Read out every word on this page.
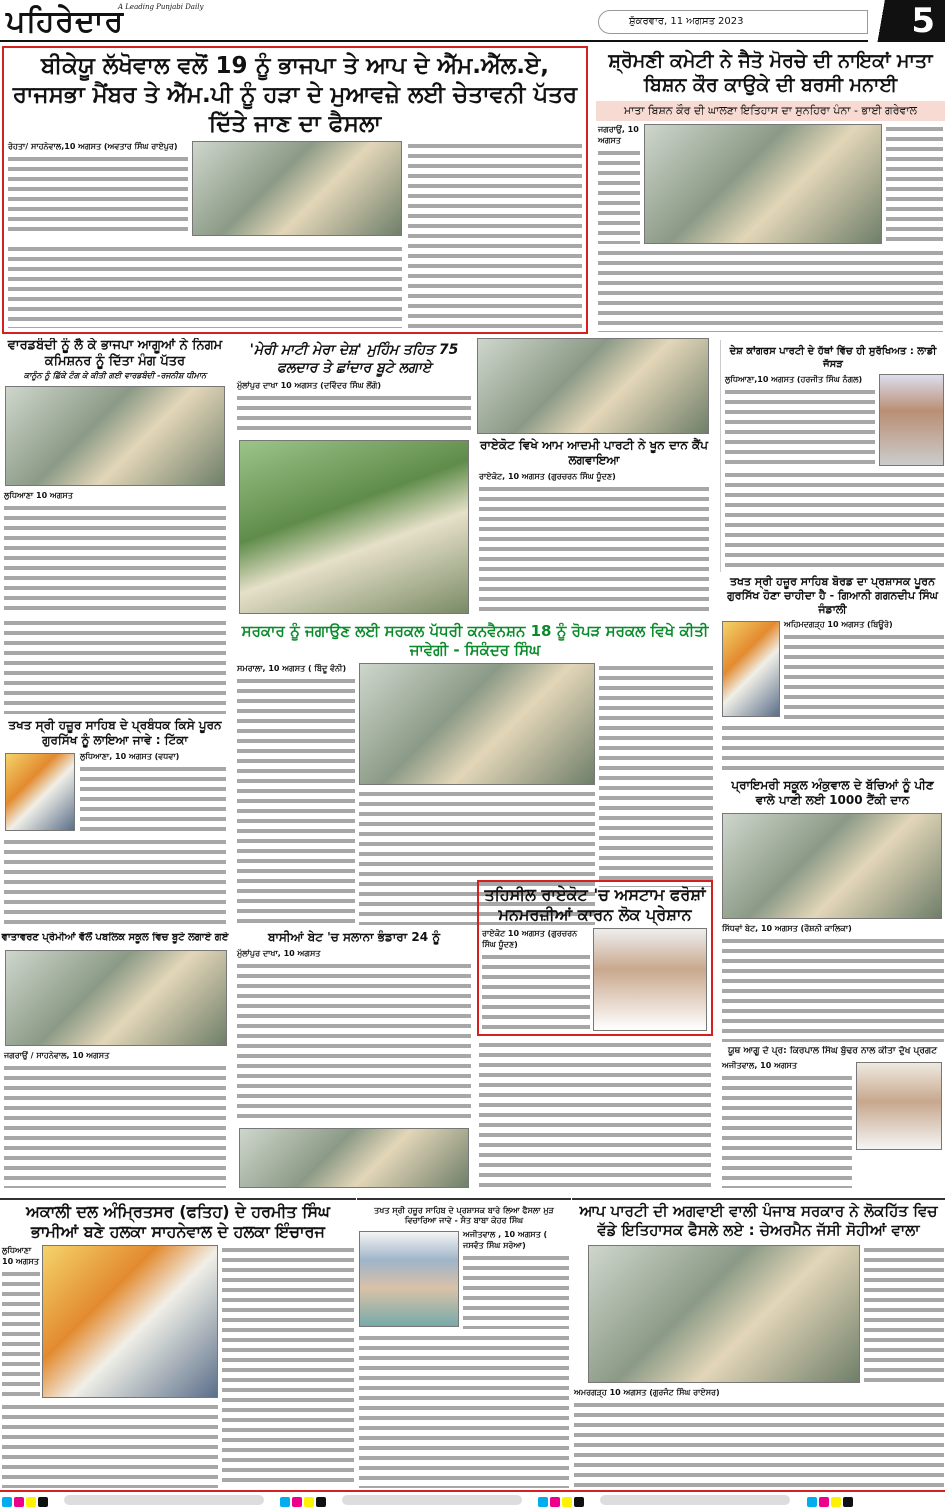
ਪਹਿਰੇਦਾਰ
A Leading Punjabi Daily
ਸ਼ੁੱਕਰਵਾਰ, 11 ਅਗਸਤ 2023	5
ਬੀਕੇਯੂ ਲੱਖੋਵਾਲ ਵਲੋਂ 19 ਨੂੰ ਭਾਜਪਾ ਤੇ ਆਪ ਦੇ ਐੱਮ.ਐੱਲ.ਏ, ਰਾਜਸਭਾ ਮੈਂਬਰ ਤੇ ਐੱਮ.ਪੀ ਨੂੰ ਹੜਾ ਦੇ ਮੁਆਵਜ਼ੇ ਲਈ ਚੇਤਾਵਨੀ ਪੱਤਰ ਦਿੱਤੇ ਜਾਣ ਦਾ ਫੈਸਲਾ
ਰੋਹਤਾ/ ਸਾਹਨੇਵਾਲ,10 ਅਗਸਤ (ਅਵਤਾਰ ਸਿੰਘ ਰਾਏਪੁਰ)
ਸ਼੍ਰੋਮਣੀ ਕਮੇਟੀ ਨੇ ਜੈਤੋ ਮੋਰਚੇ ਦੀ ਨਾਇਕਾਂ ਮਾਤਾ ਬਿਸ਼ਨ ਕੌਰ ਕਾਉਕੇ ਦੀ ਬਰਸੀ ਮਨਾਈ
ਮਾਤਾ ਬਿਸ਼ਨ ਕੌਰ ਦੀ ਘਾਲਣਾ ਇਤਿਹਾਸ ਦਾ ਸੁਨਹਿਰਾ ਪੰਨਾ - ਭਾਈ ਗਰੇਵਾਲ
ਜਗਰਾਉਂ, 10 ਅਗਸਤ
ਵਾਰਡਬੰਦੀ ਨੂੰ ਲੈ ਕੇ ਭਾਜਪਾ ਆਗੂਆਂ ਨੇ ਨਿਗਮ ਕਮਿਸ਼ਨਰ ਨੂੰ ਦਿੱਤਾ ਮੰਗ ਪੱਤਰ
ਕਾਨੂੰਨ ਨੂੰ ਛਿੱਕੇ ਟੰਗ ਕੇ ਕੀਤੀ ਗਈ ਵਾਰਡਬੰਦੀ -ਰਜਨੀਸ਼ ਧੀਮਾਨ
ਲੁਧਿਆਣਾ 10 ਅਗਸਤ
'ਮੇਰੀ ਮਾਟੀ ਮੇਰਾ ਦੇਸ਼' ਮੁਹਿੰਮ ਤਹਿਤ 75 ਫਲਦਾਰ ਤੇ ਛਾਂਦਾਰ ਬੂਟੇ ਲਗਾਏ
ਮੁੱਲਾਂਪੁਰ ਦਾਖਾ 10 ਅਗਸਤ (ਦਵਿੰਦਰ ਸਿੰਘ ਲੌਂਗੋ)
ਰਾਏਕੋਟ ਵਿਖੇ ਆਮ ਆਦਮੀ ਪਾਰਟੀ ਨੇ ਖੂਨ ਦਾਨ ਕੈਂਪ ਲਗਵਾਇਆ
ਰਾਏਕੋਟ, 10 ਅਗਸਤ (ਗੁਰਚਰਨ ਸਿੰਘ ਧੂੰਦਣ)
ਦੇਸ਼ ਕਾਂਗਰਸ ਪਾਰਟੀ ਦੇ ਹੱਥਾਂ ਵਿੱਚ ਹੀ ਸੁਰੱਖਿਅਤ : ਲਾਡੀ ਜੱਸੜ
ਲੁਧਿਆਣਾ,10 ਅਗਸਤ (ਹਰਜੀਤ ਸਿੰਘ ਨੰਗਲ)
ਤਖਤ ਸ੍ਰੀ ਹਜ਼ੂਰ ਸਾਹਿਬ ਬੋਰਡ ਦਾ ਪ੍ਰਸ਼ਾਸਕ ਪੂਰਨ ਗੁਰਸਿੱਖ ਹੋਣਾ ਚਾਹੀਦਾ ਹੈ - ਗਿਆਨੀ ਗਗਨਦੀਪ ਸਿੰਘ ਜੰਡਾਲੀ
ਅਹਿਮਦਗੜ੍ਹ 10 ਅਗਸਤ (ਬਿਊਰੋ)
ਸਰਕਾਰ ਨੂੰ ਜਗਾਉਣ ਲਈ ਸਰਕਲ ਪੱਧਰੀ ਕਨਵੈਨਸ਼ਨ 18 ਨੂੰ ਰੋਪੜ ਸਰਕਲ ਵਿਖੇ ਕੀਤੀ ਜਾਵੇਗੀ - ਸਿਕੰਦਰ ਸਿੰਘ
ਸਮਰਾਲਾ, 10 ਅਗਸਤ ( ਬਿੰਦੂ ਵੰਨੀ)
ਤਖਤ ਸ੍ਰੀ ਹਜ਼ੂਰ ਸਾਹਿਬ ਦੇ ਪ੍ਰਬੰਧਕ ਕਿਸੇ ਪੂਰਨ ਗੁਰਸਿੱਖ ਨੂੰ ਲਾਇਆ ਜਾਵੇ : ਟਿੱਕਾ
ਲੁਧਿਆਣਾ, 10 ਅਗਸਤ (ਵਧਵਾ)
ਵਾਤਾਵਰਣ ਪ੍ਰੇਮੀਆਂ ਵੱਲੋਂ ਪਬਲਿਕ ਸਕੂਲ ਵਿਚ ਬੂਟੇ ਲਗਾਏ ਗਏ
ਜਗਰਾਉਂ / ਸਾਹਨੇਵਾਲ, 10 ਅਗਸਤ
ਬਾਸੀਆਂ ਬੇਟ 'ਚ ਸਲਾਨਾ ਭੰਡਾਰਾ 24 ਨੂੰ
ਮੁੱਲਾਂਪੁਰ ਦਾਖਾ, 10 ਅਗਸਤ
ਤਹਿਸੀਲ ਰਾਏਕੋਟ 'ਚ ਅਸਟਾਮ ਫਰੋਸ਼ਾਂ ਮਨਮਰਜ਼ੀਆਂ ਕਾਰਨ ਲੋਕ ਪ੍ਰੇਸ਼ਾਨ
ਰਾਏਕੋਟ 10 ਅਗਸਤ (ਗੁਰਚਰਨ ਸਿੰਘ ਧੂੰਦਣ)
ਪ੍ਰਾਇਮਰੀ ਸਕੂਲ ਅੰਕੁਵਾਲ ਦੇ ਬੱਚਿਆਂ ਨੂੰ ਪੀਣ ਵਾਲੇ ਪਾਣੀ ਲਈ 1000 ਟੈਂਕੀ ਦਾਨ
ਸਿੱਧਵਾਂ ਬੇਟ, 10 ਅਗਸਤ (ਰੌਸ਼ਨੀ ਕਾਲਿਕਾ)
ਯੂਥ ਆਗੂ ਦੇ ਪ੍ਰ: ਕਿਰਪਾਲ ਸਿੰਘ ਬੁੱਢਰ ਨਾਲ ਕੀਤਾ ਦੁੱਖ ਪ੍ਰਗਟ
ਅਜੀਤਵਾਲ, 10 ਅਗਸਤ
ਅਕਾਲੀ ਦਲ ਅੰਮ੍ਰਿਤਸਰ (ਫਤਿਹ) ਦੇ ਹਰਮੀਤ ਸਿੰਘ ਭਾਮੀਆਂ ਬਣੇ ਹਲਕਾ ਸਾਹਨੇਵਾਲ ਦੇ ਹਲਕਾ ਇੰਚਾਰਜ
ਲੁਧਿਆਣਾ 10 ਅਗਸਤ
ਤਖਤ ਸ੍ਰੀ ਹਜ਼ੂਰ ਸਾਹਿਬ ਦੇ ਪ੍ਰਸ਼ਾਸਕ ਬਾਰੇ ਲਿਆ ਫੈਸਲਾ ਮੁੜ ਵਿਚਾਰਿਆ ਜਾਵੇ - ਸੰਤ ਬਾਬਾ ਕੇਹਰ ਸਿੰਘ
ਅਜੀਤਵਾਲ , 10 ਅਗਸਤ ( ਜਸਵੰਤ ਸਿੰਘ ਸਰੋਆ)
ਆਪ ਪਾਰਟੀ ਦੀ ਅਗਵਾਈ ਵਾਲੀ ਪੰਜਾਬ ਸਰਕਾਰ ਨੇ ਲੋਕਹਿੱਤ ਵਿਚ ਵੱਡੇ ਇਤਿਹਾਸਕ ਫੈਸਲੇ ਲਏ : ਚੇਅਰਮੈਨ ਜੱਸੀ ਸੋਹੀਆਂ ਵਾਲਾ
ਅਮਰਗੜ੍ਹ 10 ਅਗਸਤ (ਗੁਰਜੰਟ ਸਿੰਘ ਰਾਏਸਰ)
